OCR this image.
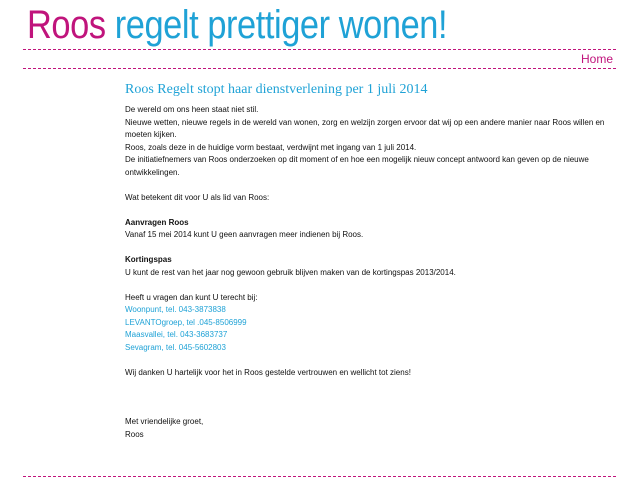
Roos regelt prettiger wonen!
Home
Roos Regelt stopt haar dienstverlening per 1 juli 2014

De wereld om ons heen staat niet stil.

Nieuwe wetten, nieuwe regels in de wereld van wonen, zorg en welzijn zorgen ervoor dat wij op een andere manier naar Roos willen en moeten kijken.

Roos, zoals deze in de huidige vorm bestaat, verdwijnt met ingang van 1 juli 2014.

De initiatiefnemers van Roos onderzoeken op dit moment of en hoe een mogelijk nieuw concept antwoord kan geven op de nieuwe ontwikkelingen.

Wat betekent dit voor U als lid van Roos:

Aanvragen Roos

Vanaf 15 mei 2014 kunt U geen aanvragen meer indienen bij Roos.

Kortingspas

U kunt de rest van het jaar nog gewoon gebruik blijven maken van de kortingspas 2013/2014.

Heeft u vragen dan kunt U terecht bij:

Woonpunt, tel. 043-3873838
LEVANTOgroep, tel .045-8506999
Maasvallei, tel. 043-3683737
Sevagram, tel. 045-5602803

Wij danken U hartelijk voor het in Roos gestelde vertrouwen en wellicht tot ziens!

Met vriendelijke groet,

Roos
